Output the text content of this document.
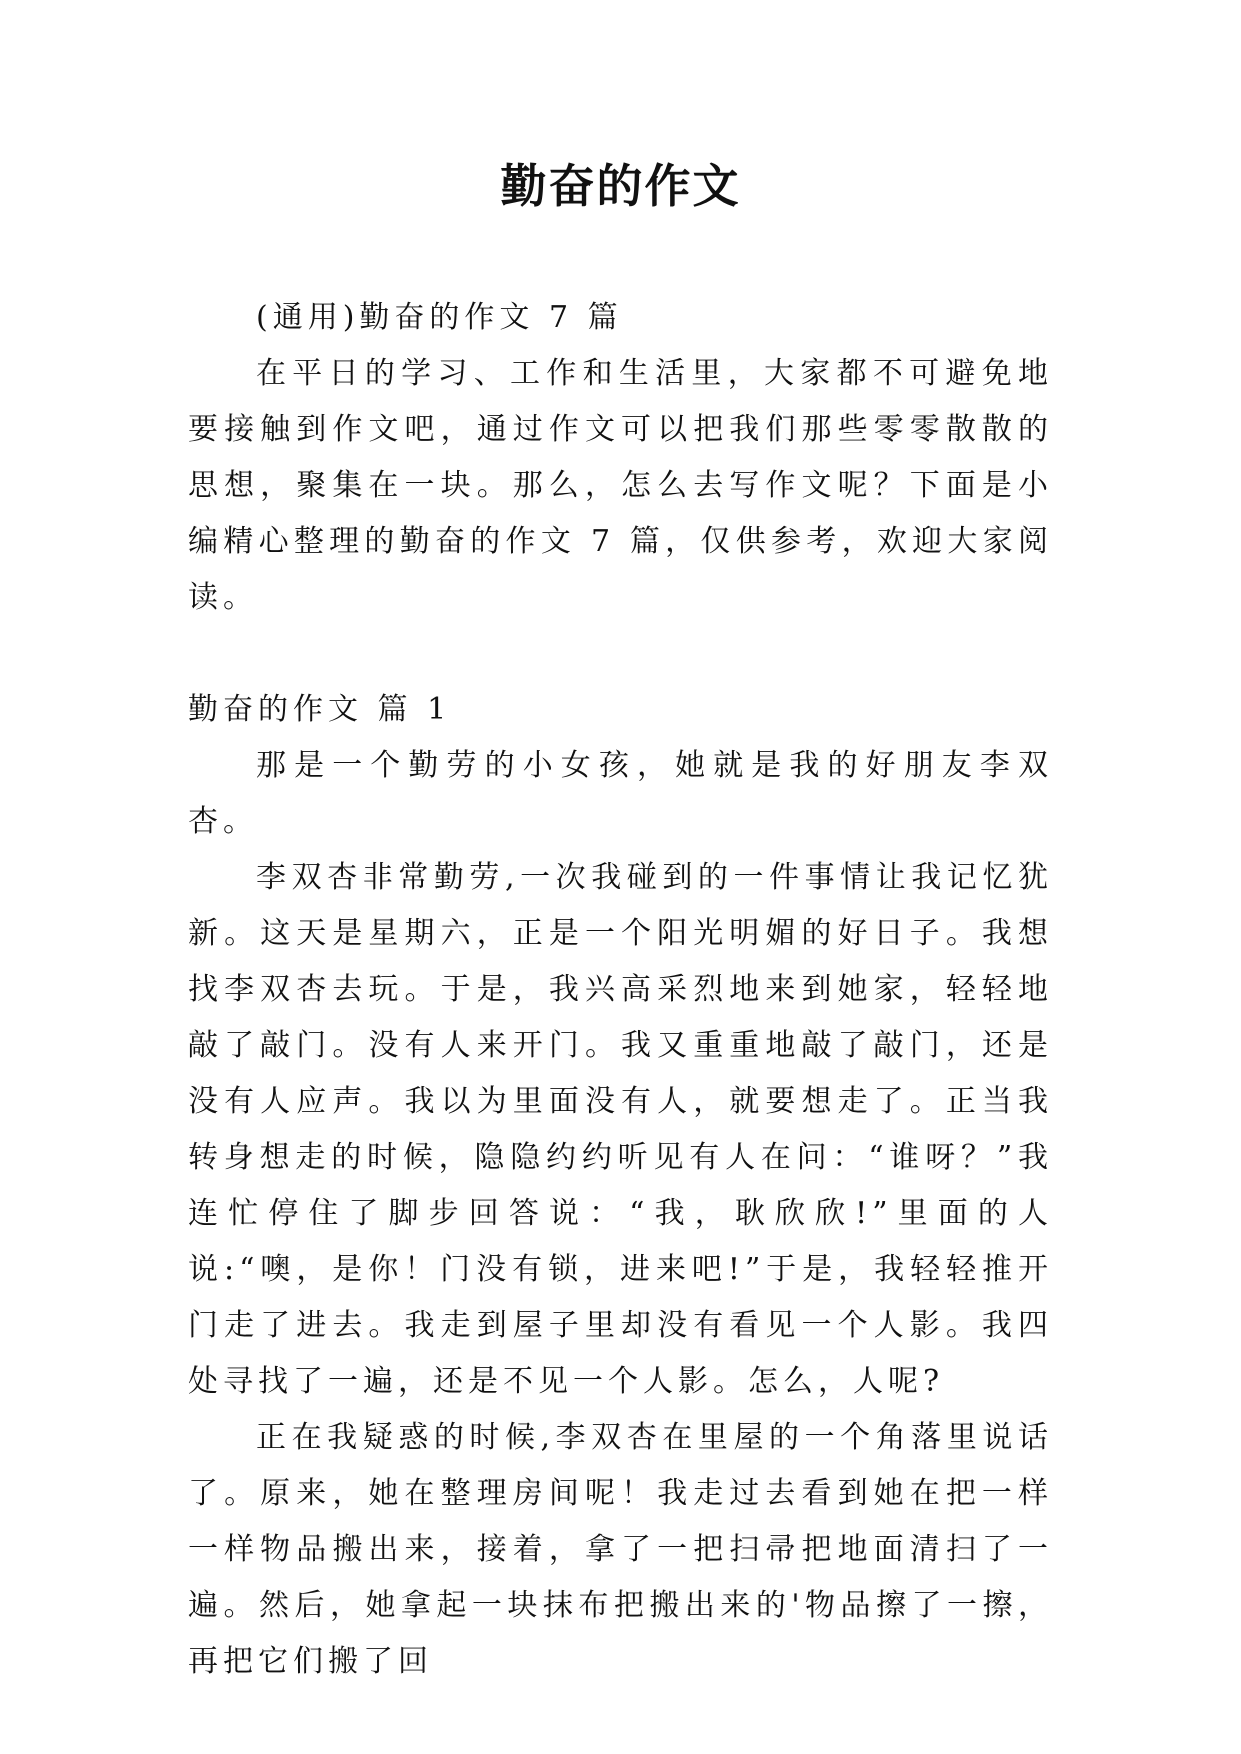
勤奋的作文

(通用)勤奋的作文 7 篇

在平日的学习、工作和生活里，大家都不可避免地要接触到作文吧，通过作文可以把我们那些零零散散的思想，聚集在一块。那么，怎么去写作文呢？下面是小编精心整理的勤奋的作文 7 篇，仅供参考，欢迎大家阅读。

勤奋的作文 篇 1

那是一个勤劳的小女孩，她就是我的好朋友李双杏。

李双杏非常勤劳,一次我碰到的一件事情让我记忆犹新。这天是星期六，正是一个阳光明媚的好日子。我想找李双杏去玩。于是，我兴高采烈地来到她家，轻轻地敲了敲门。没有人来开门。我又重重地敲了敲门，还是没有人应声。我以为里面没有人，就要想走了。正当我转身想走的时候，隐隐约约听见有人在问：“谁呀？”我连忙停住了脚步回答说：“我，耿欣欣!”里面的人说:“噢，是你！门没有锁，进来吧!”于是，我轻轻推开门走了进去。我走到屋子里却没有看见一个人影。我四处寻找了一遍，还是不见一个人影。怎么，人呢?

正在我疑惑的时候,李双杏在里屋的一个角落里说话了。原来，她在整理房间呢！我走过去看到她在把一样一样物品搬出来，接着，拿了一把扫帚把地面清扫了一遍。然后，她拿起一块抹布把搬出来的'物品擦了一擦，再把它们搬了回
